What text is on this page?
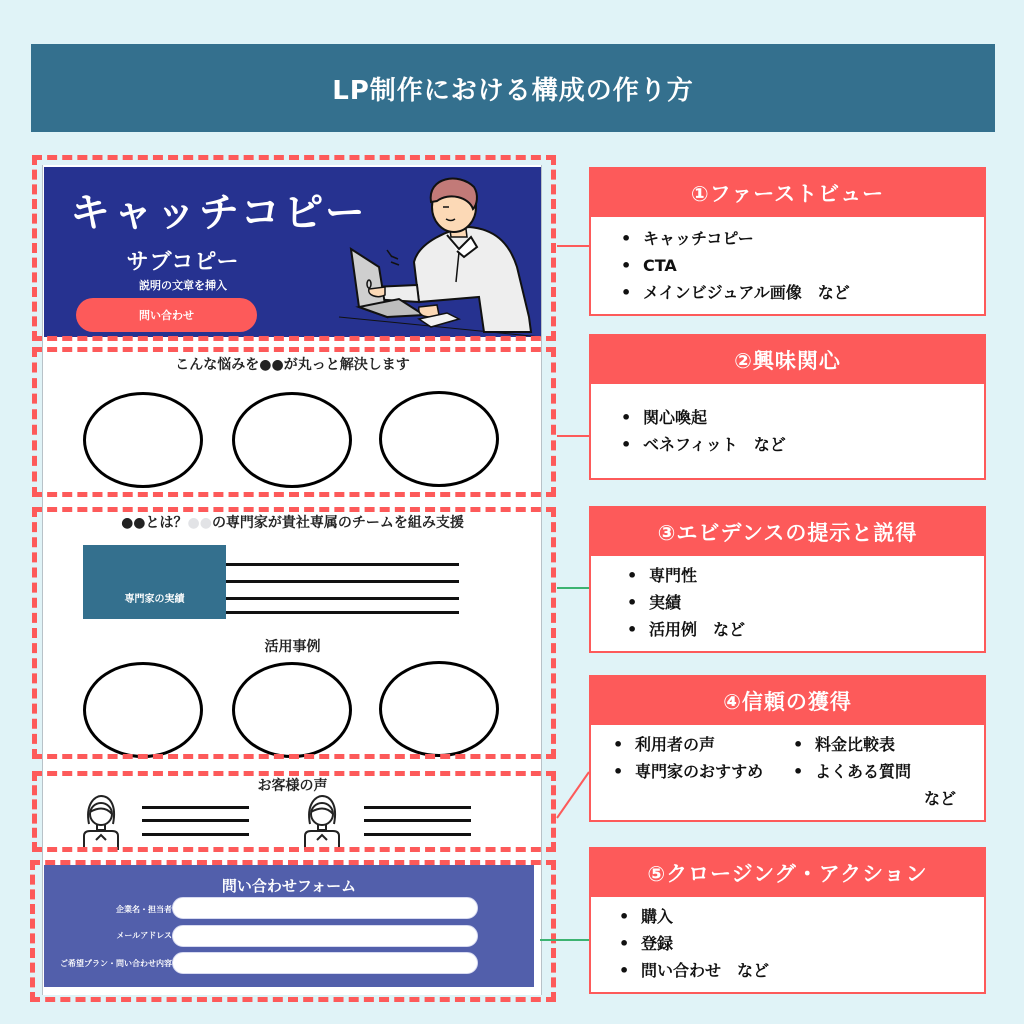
LP制作における構成の作り方
キャッチコピー
サブコピー
説明の文章を挿入
問い合わせ
こんな悩みを●●が丸っと解決します
●●とは？●●の専門家が貴社専属のチームを組み支援
活用事例
専門家の実績
お客様の声
問い合わせフォーム
企業名・担当者
メールアドレス
ご希望プラン・問い合わせ内容
①ファーストビュー
• キャッチコピー
• CTA
• メインビジュアル画像　など
②興味関心
• 関心喚起
• ベネフィット　など
③エビデンスの提示と説得
• 専門性
• 実績
• 活用例　など
④信頼の獲得
• 利用者の声
• 専門家のおすすめ
• 料金比較表
• よくある質問
など
⑤クロージング・アクション
• 購入
• 登録
• 問い合わせ　など
